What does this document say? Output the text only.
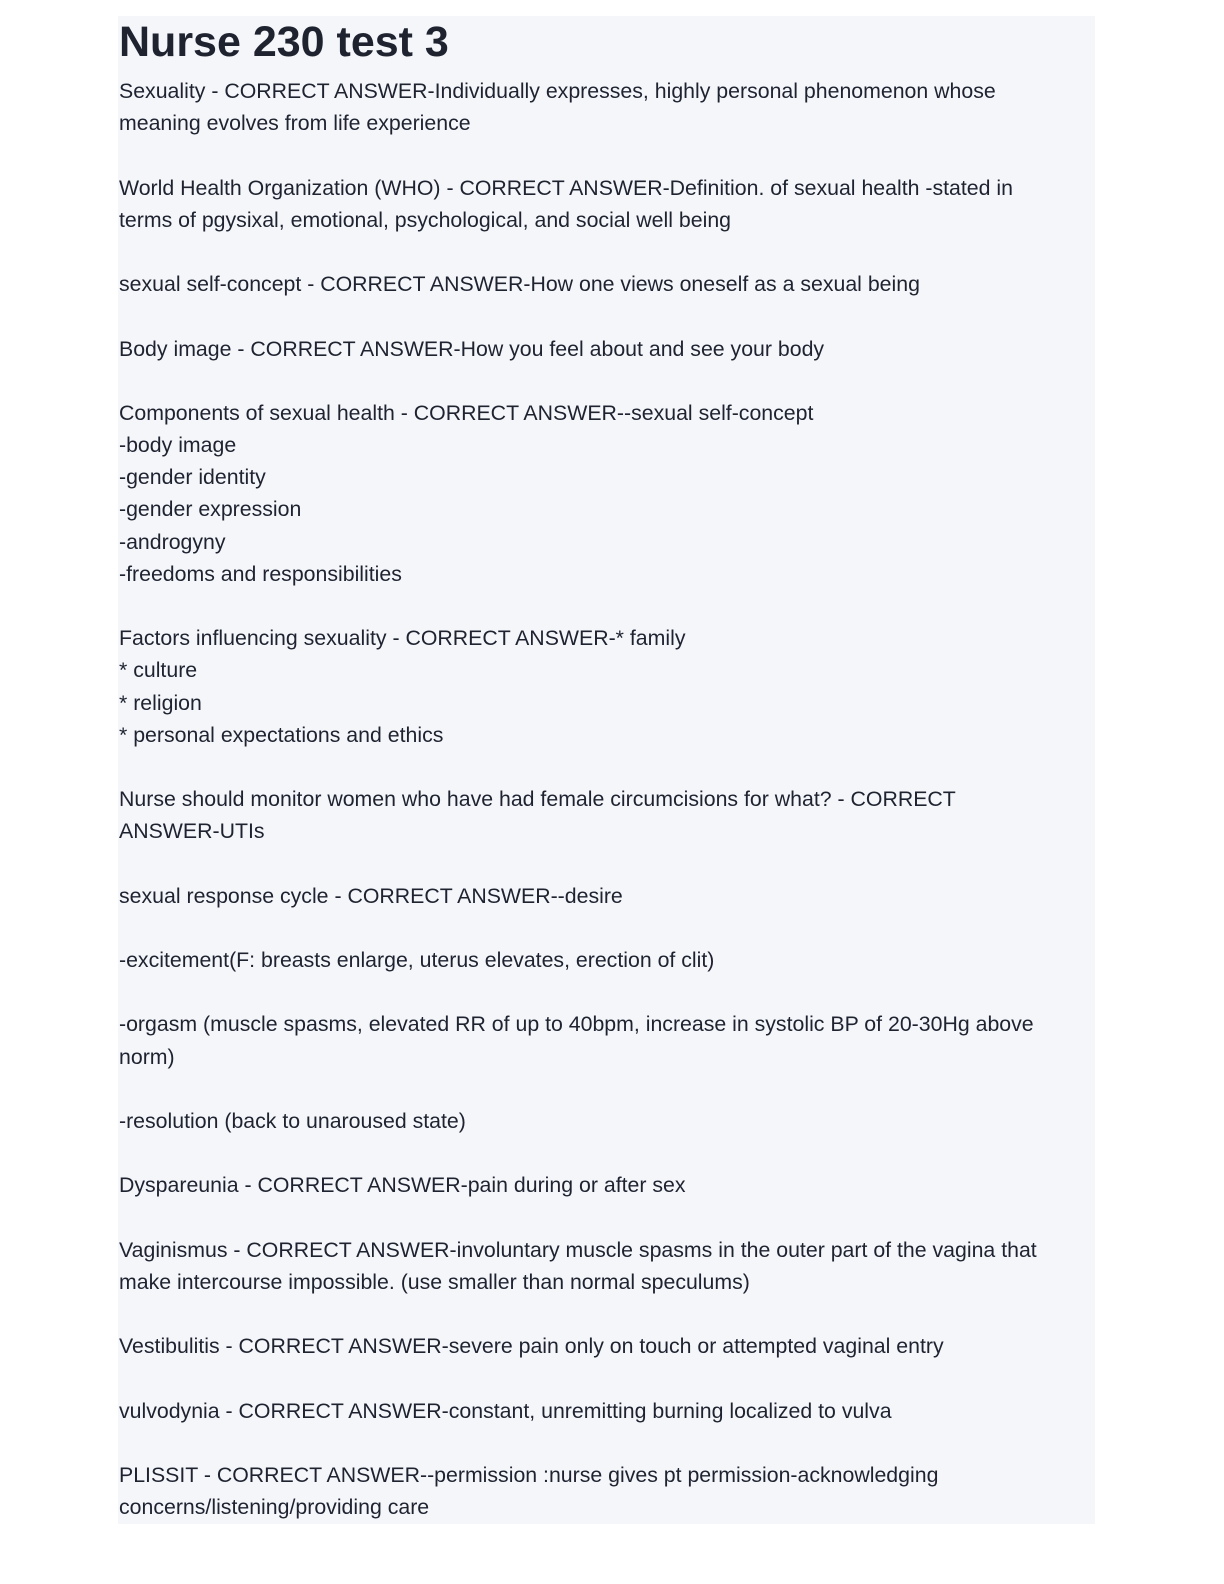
Nurse 230 test 3
Sexuality - CORRECT ANSWER-Individually expresses, highly personal phenomenon whose
meaning evolves from life experience
World Health Organization (WHO) - CORRECT ANSWER-Definition. of sexual health -stated in
terms of pgysixal, emotional, psychological, and social well being
sexual self-concept - CORRECT ANSWER-How one views oneself as a sexual being
Body image - CORRECT ANSWER-How you feel about and see your body
Components of sexual health - CORRECT ANSWER--sexual self-concept
-body image
-gender identity
-gender expression
-androgyny
-freedoms and responsibilities
Factors influencing sexuality - CORRECT ANSWER-* family
* culture
* religion
* personal expectations and ethics
Nurse should monitor women who have had female circumcisions for what? - CORRECT
ANSWER-UTIs
sexual response cycle - CORRECT ANSWER--desire
-excitement(F: breasts enlarge, uterus elevates, erection of clit)
-orgasm (muscle spasms, elevated RR of up to 40bpm, increase in systolic BP of 20-30Hg above
norm)
-resolution (back to unaroused state)
Dyspareunia - CORRECT ANSWER-pain during or after sex
Vaginismus - CORRECT ANSWER-involuntary muscle spasms in the outer part of the vagina that
make intercourse impossible. (use smaller than normal speculums)
Vestibulitis - CORRECT ANSWER-severe pain only on touch or attempted vaginal entry
vulvodynia - CORRECT ANSWER-constant, unremitting burning localized to vulva
PLISSIT - CORRECT ANSWER--permission :nurse gives pt permission-acknowledging
concerns/listening/providing care
